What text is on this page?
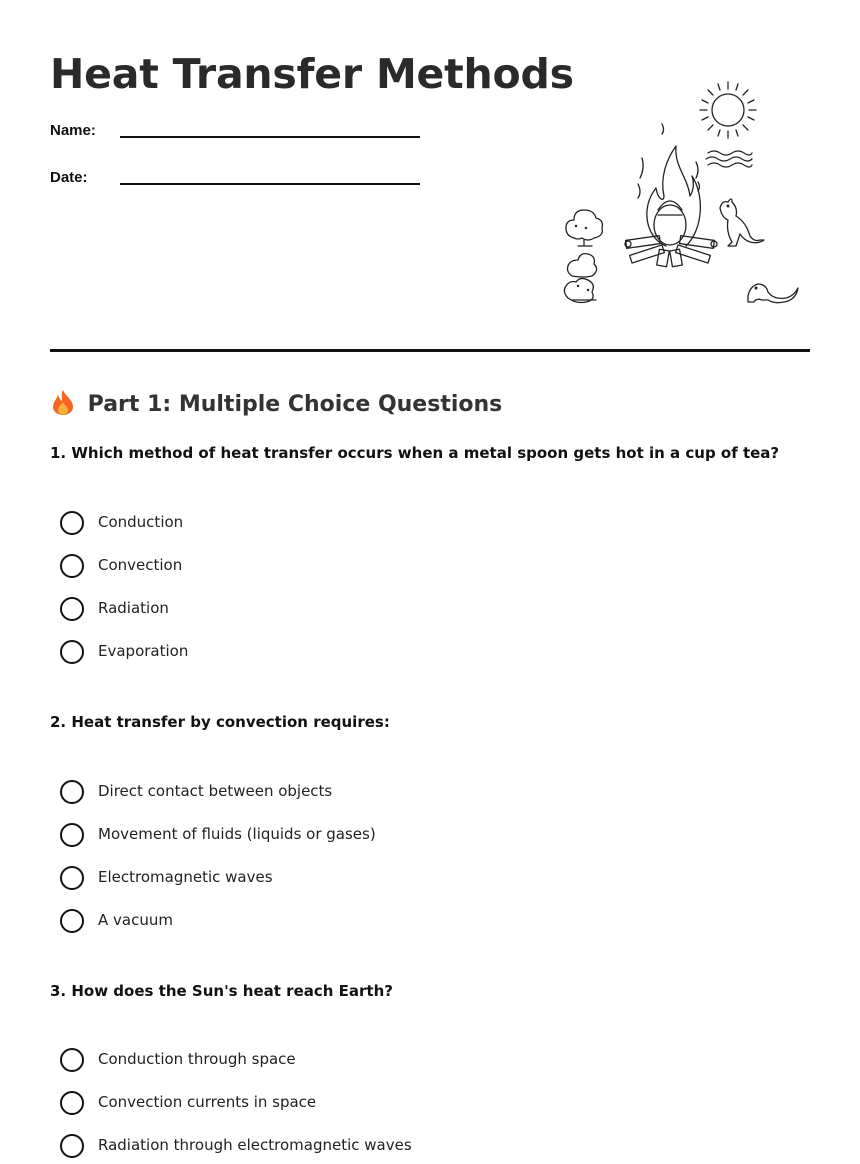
Heat Transfer Methods
Name:
Date:
Part 1: Multiple Choice Questions
1. Which method of heat transfer occurs when a metal spoon gets hot in a cup of tea?
Conduction
Convection
Radiation
Evaporation
2. Heat transfer by convection requires:
Direct contact between objects
Movement of fluids (liquids or gases)
Electromagnetic waves
A vacuum
3. How does the Sun's heat reach Earth?
Conduction through space
Convection currents in space
Radiation through electromagnetic waves
